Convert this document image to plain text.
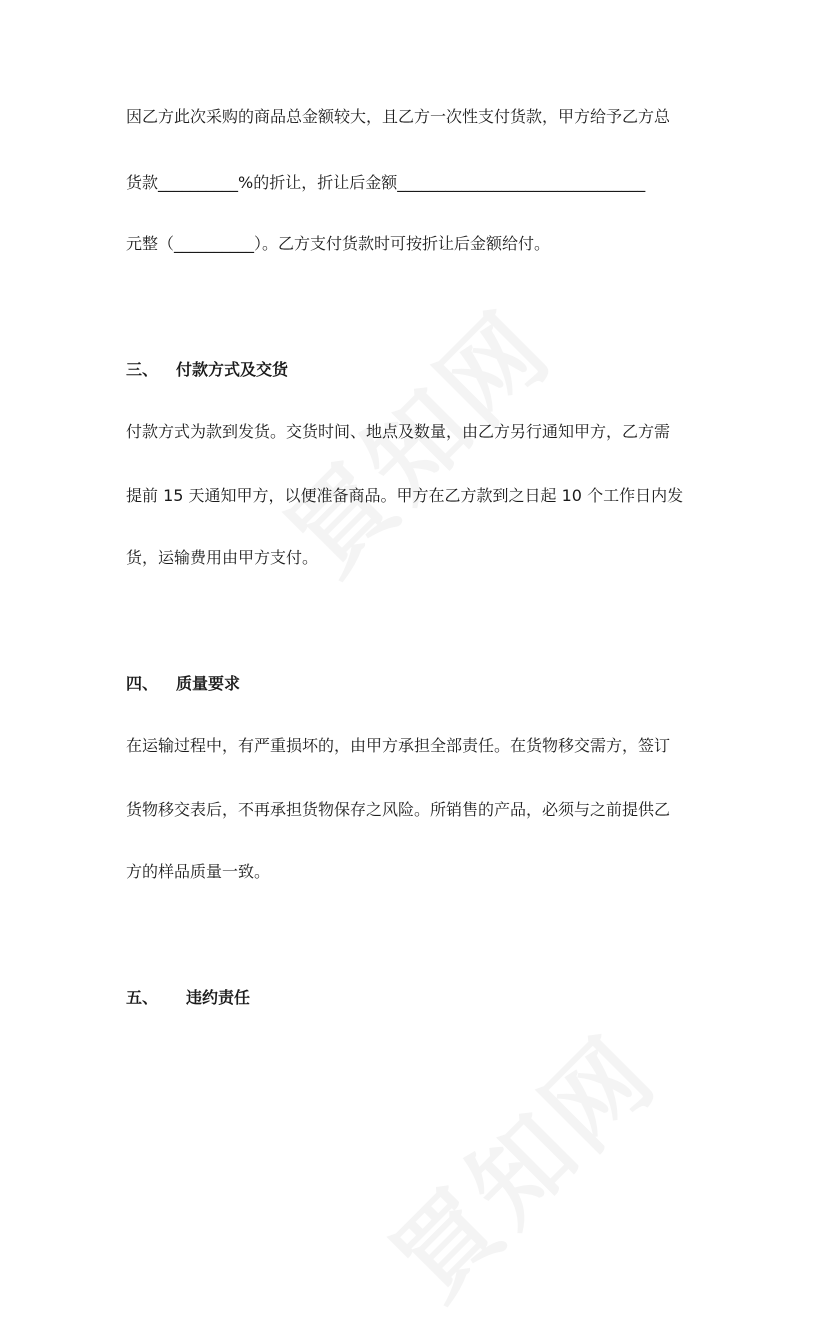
因乙方此次采购的商品总金额较大，且乙方一次性支付货款，甲方给予乙方总
货款__________%的折让，折让后金额_______________________________
元整（__________）。乙方支付货款时可按折让后金额给付。
三、 付款方式及交货
付款方式为款到发货。交货时间、地点及数量，由乙方另行通知甲方，乙方需
提前 15 天通知甲方，以便准备商品。甲方在乙方款到之日起 10 个工作日内发
货，运输费用由甲方支付。
四、 质量要求
在运输过程中，有严重损坏的，由甲方承担全部责任。在货物移交需方，签订
货物移交表后，不再承担货物保存之风险。所销售的产品，必须与之前提供乙
方的样品质量一致。
五、 违约责任
